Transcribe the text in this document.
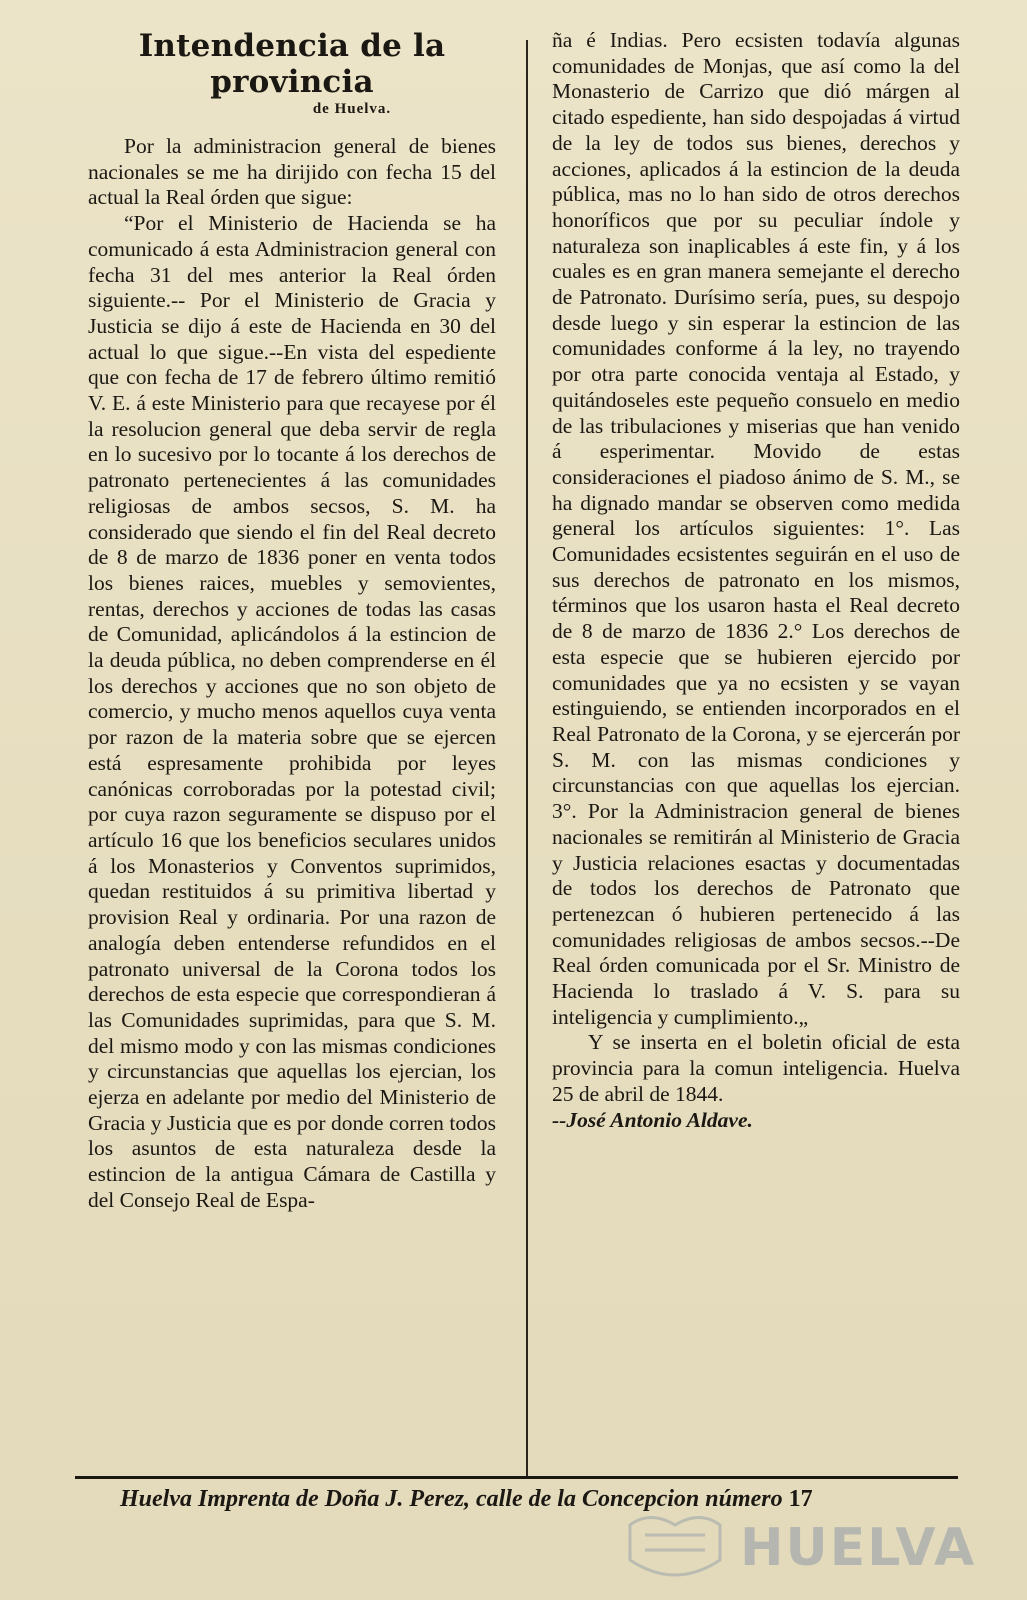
Intendencia de la provincia
de Huelva.

Por la administracion general de bienes nacionales se me ha dirijido con fecha 15 del actual la Real órden que sigue:

“Por el Ministerio de Hacienda se ha comunicado á esta Administracion general con fecha 31 del mes anterior la Real órden siguiente.-- Por el Ministerio de Gracia y Justicia se dijo á este de Hacienda en 30 del actual lo que sigue.--En vista del espediente que con fecha de 17 de febrero último remitió V. E. á este Ministerio para que recayese por él la resolucion general que deba servir de regla en lo sucesivo por lo tocante á los derechos de patronato pertenecientes á las comunidades religiosas de ambos secsos, S. M. ha considerado que siendo el fin del Real decreto de 8 de marzo de 1836 poner en venta todos los bienes raices, muebles y semovientes, rentas, derechos y acciones de todas las casas de Comunidad, aplicándolos á la estincion de la deuda pública, no deben comprenderse en él los derechos y acciones que no son objeto de comercio, y mucho menos aquellos cuya venta por razon de la materia sobre que se ejercen está espresamente prohibida por leyes canónicas corroboradas por la potestad civil; por cuya razon seguramente se dispuso por el artículo 16 que los beneficios seculares unidos á los Monasterios y Conventos suprimidos, quedan restituidos á su primitiva libertad y provision Real y ordinaria. Por una razon de analogía deben entenderse refundidos en el patronato universal de la Corona todos los derechos de esta especie que correspondieran á las Comunidades suprimidas, para que S. M. del mismo modo y con las mismas condiciones y circunstancias que aquellas los ejercian, los ejerza en adelante por medio del Ministerio de Gracia y Justicia que es por donde corren todos los asuntos de esta naturaleza desde la estincion de la antigua Cámara de Castilla y del Consejo Real de Espa-

ña é Indias. Pero ecsisten todavía algunas comunidades de Monjas, que así como la del Monasterio de Carrizo que dió márgen al citado espediente, han sido despojadas á virtud de la ley de todos sus bienes, derechos y acciones, aplicados á la estincion de la deuda pública, mas no lo han sido de otros derechos honoríficos que por su peculiar índole y naturaleza son inaplicables á este fin, y á los cuales es en gran manera semejante el derecho de Patronato. Durísimo sería, pues, su despojo desde luego y sin esperar la estincion de las comunidades conforme á la ley, no trayendo por otra parte conocida ventaja al Estado, y quitándoseles este pequeño consuelo en medio de las tribulaciones y miserias que han venido á esperimentar. Movido de estas consideraciones el piadoso ánimo de S. M., se ha dignado mandar se observen como medida general los artículos siguientes: 1°. Las Comunidades ecsistentes seguirán en el uso de sus derechos de patronato en los mismos, términos que los usaron hasta el Real decreto de 8 de marzo de 1836 2.° Los derechos de esta especie que se hubieren ejercido por comunidades que ya no ecsisten y se vayan estinguiendo, se entienden incorporados en el Real Patronato de la Corona, y se ejercerán por S. M. con las mismas condiciones y circunstancias con que aquellas los ejercian. 3°. Por la Administracion general de bienes nacionales se remitirán al Ministerio de Gracia y Justicia relaciones esactas y documentadas de todos los derechos de Patronato que pertenezcan ó hubieren pertenecido á las comunidades religiosas de ambos secsos.--De Real órden comunicada por el Sr. Ministro de Hacienda lo traslado á V. S. para su inteligencia y cumplimiento.„

Y se inserta en el boletin oficial de esta provincia para la comun inteligencia. Huelva 25 de abril de 1844.

--José Antonio Aldave.

Huelva Imprenta de Doña J. Perez, calle de la Concepcion número 17
HUELVA
